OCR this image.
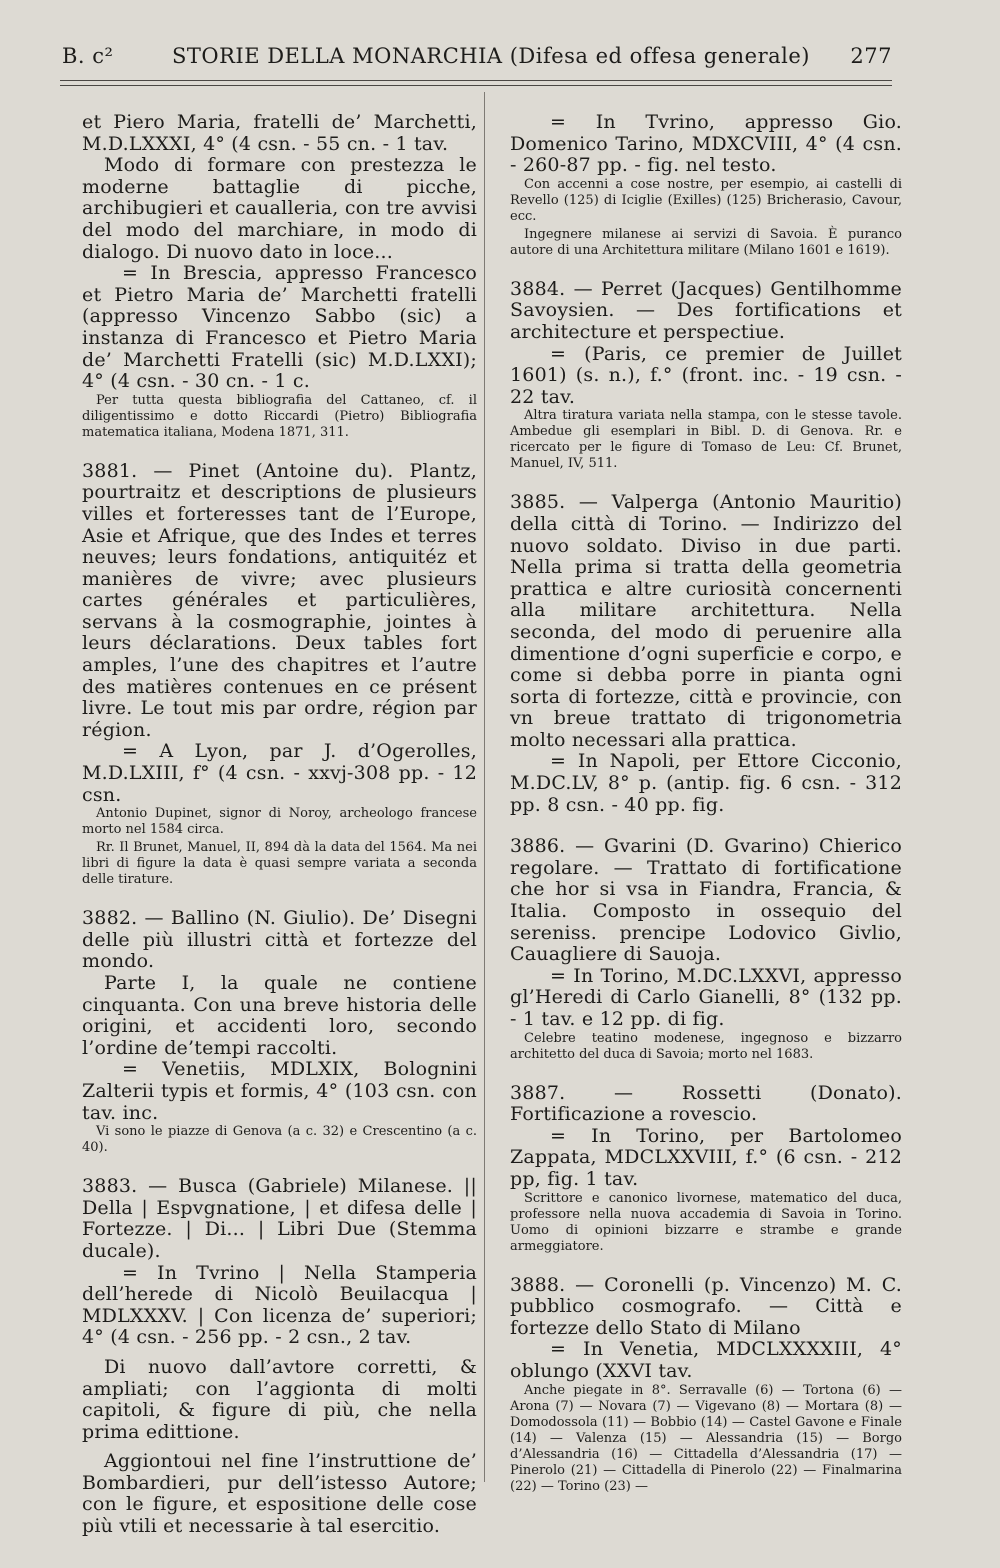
B. c²	STORIE DELLA MONARCHIA (Difesa ed offesa generale) 277

et Piero Maria, fratelli de’ Marchetti, M.D.LXXXI, 4° (4 csn. - 55 cn. - 1 tav.

Modo di formare con prestezza le moderne battaglie di picche, archibugieri et caualleria, con tre avvisi del modo del marchiare, in modo di dialogo. Di nuovo dato in loce...

= In Brescia, appresso Francesco et Pietro Maria de’ Marchetti fratelli (appresso Vincenzo Sabbo (sic) a instanza di Francesco et Pietro Maria de’ Marchetti Fratelli (sic) M.D.LXXI); 4° (4 csn. - 30 cn. - 1 c.

Per tutta questa bibliografia del Cattaneo, cf. il diligentissimo e dotto Riccardi (Pietro) Bibliografia matematica italiana, Modena 1871, 311.

3881. — Pinet (Antoine du). Plantz, pourtraitz et descriptions de plusieurs villes et forteresses tant de l’Europe, Asie et Afrique, que des Indes et terres neuves; leurs fondations, antiquitéz et manières de vivre; avec plusieurs cartes générales et particulières, servans à la cosmographie, jointes à leurs déclarations. Deux tables fort amples, l’une des chapitres et l’autre des matières contenues en ce présent livre. Le tout mis par ordre, région par région.

= A Lyon, par J. d’Ogerolles, M.D.LXIII, f° (4 csn. - xxvj-308 pp. - 12 csn.

Antonio Dupinet, signor di Noroy, archeologo francese morto nel 1584 circa.

Rr. Il Brunet, Manuel, II, 894 dà la data del 1564. Ma nei libri di figure la data è quasi sempre variata a seconda delle tirature.

3882. — Ballino (N. Giulio). De’ Disegni delle più illustri città et fortezze del mondo.

Parte I, la quale ne contiene cinquanta. Con una breve historia delle origini, et accidenti loro, secondo l’ordine de’tempi raccolti.

= Venetiis, MDLXIX, Bolognini Zalterii typis et formis, 4° (103 csn. con tav. inc.

Vi sono le piazze di Genova (a c. 32) e Crescentino (a c. 40).

3883. — Busca (Gabriele) Milanese. || Della | Espvgnatione, | et difesa delle | Fortezze. | Di... | Libri Due (Stemma ducale).

= In Tvrino | Nella Stamperia dell’herede di Nicolò Beuilacqua | MDLXXXV. | Con licenza de’ superiori; 4° (4 csn. - 256 pp. - 2 csn., 2 tav.

Di nuovo dall’avtore corretti, & ampliati; con l’aggionta di molti capitoli, & figure di più, che nella prima edittione.

Aggiontoui nel fine l’instruttione de’ Bombardieri, pur dell’istesso Autore; con le figure, et espositione delle cose più vtili et necessarie à tal esercitio.

= In Tvrino, appresso Gio. Domenico Tarino, MDXCVIII, 4° (4 csn. - 260-87 pp. - fig. nel testo.

Con accenni a cose nostre, per esempio, ai castelli di Revello (125) di Iciglie (Exilles) (125) Bricherasio, Cavour, ecc.

Ingegnere milanese ai servizi di Savoia. È puranco autore di una Architettura militare (Milano 1601 e 1619).

3884. — Perret (Jacques) Gentilhomme Savoysien. — Des fortifications et architecture et perspectiue.

= (Paris, ce premier de Juillet 1601) (s. n.), f.° (front. inc. - 19 csn. - 22 tav.

Altra tiratura variata nella stampa, con le stesse tavole. Ambedue gli esemplari in Bibl. D. di Genova. Rr. e ricercato per le figure di Tomaso de Leu: Cf. Brunet, Manuel, IV, 511.

3885. — Valperga (Antonio Mauritio) della città di Torino. — Indirizzo del nuovo soldato. Diviso in due parti. Nella prima si tratta della geometria prattica e altre curiosità concernenti alla militare architettura. Nella seconda, del modo di peruenire alla dimentione d’ogni superficie e corpo, e come si debba porre in pianta ogni sorta di fortezze, città e provincie, con vn breue trattato di trigonometria molto necessari alla prattica.

= In Napoli, per Ettore Cicconio, M.DC.LV, 8° p. (antip. fig. 6 csn. - 312 pp. 8 csn. - 40 pp. fig.

3886. — Gvarini (D. Gvarino) Chierico regolare. — Trattato di fortificatione che hor si vsa in Fiandra, Francia, & Italia. Composto in ossequio del sereniss. prencipe Lodovico Givlio, Cauagliere di Sauoja.

= In Torino, M.DC.LXXVI, appresso gl’Heredi di Carlo Gianelli, 8° (132 pp. - 1 tav. e 12 pp. di fig.

Celebre teatino modenese, ingegnoso e bizzarro architetto del duca di Savoia; morto nel 1683.

3887. — Rossetti (Donato). Fortificazione a rovescio.

= In Torino, per Bartolomeo Zappata, MDCLXXVIII, f.° (6 csn. - 212 pp, fig. 1 tav.

Scrittore e canonico livornese, matematico del duca, professore nella nuova accademia di Savoia in Torino. Uomo di opinioni bizzarre e strambe e grande armeggiatore.

3888. — Coronelli (p. Vincenzo) M. C. pubblico cosmografo. — Città e fortezze dello Stato di Milano

= In Venetia, MDCLXXXXIII, 4° oblungo (XXVI tav.

Anche piegate in 8°. Serravalle (6) — Tortona (6) — Arona (7) — Novara (7) — Vigevano (8) — Mortara (8) — Domodossola (11) — Bobbio (14) — Castel Gavone e Finale (14) — Valenza (15) — Alessandria (15) — Borgo d’Alessandria (16) — Cittadella d’Alessandria (17) — Pinerolo (21) — Cittadella di Pinerolo (22) — Finalmarina (22) — Torino (23) —
